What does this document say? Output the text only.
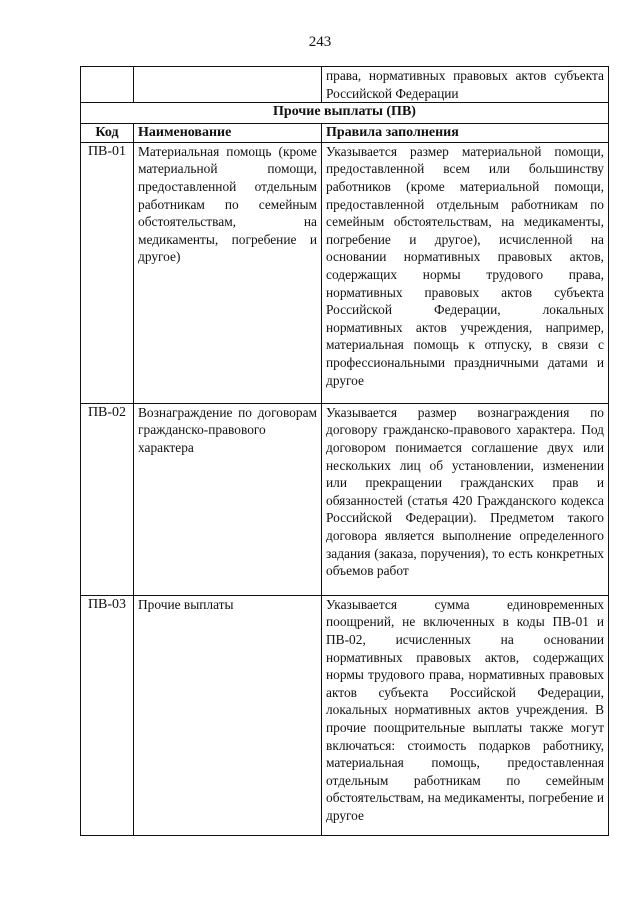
243
		права, нормативных правовых актов субъекта Российской Федерации
Прочие выплаты (ПВ)		
Код	Наименование	Правила заполнения
ПВ-01	Материальная помощь (кроме материальной помощи, предоставленной отдельным работникам по семейным обстоятельствам, на медикаменты, погребение и другое)	Указывается размер материальной помощи, предоставленной всем или большинству работников (кроме материальной помощи, предоставленной отдельным работникам по семейным обстоятельствам, на медикаменты, погребение и другое), исчисленной на основании нормативных правовых актов, содержащих нормы трудового права, нормативных правовых актов субъекта Российской Федерации, локальных нормативных актов учреждения, например, материальная помощь к отпуску, в связи с профессиональными праздничными датами и другое
ПВ-02	Вознаграждение по договорам гражданско-правового характера	Указывается размер вознаграждения по договору гражданско-правового характера. Под договором понимается соглашение двух или нескольких лиц об установлении, изменении или прекращении гражданских прав и обязанностей (статья 420 Гражданского кодекса Российской Федерации). Предметом такого договора является выполнение определенного задания (заказа, поручения), то есть конкретных объемов работ
ПВ-03	Прочие выплаты	Указывается сумма единовременных поощрений, не включенных в коды ПВ-01 и ПВ-02, исчисленных на основании нормативных правовых актов, содержащих нормы трудового права, нормативных правовых актов субъекта Российской Федерации, локальных нормативных актов учреждения. В прочие поощрительные выплаты также могут включаться: стоимость подарков работнику, материальная помощь, предоставленная отдельным работникам по семейным обстоятельствам, на медикаменты, погребение и другое
